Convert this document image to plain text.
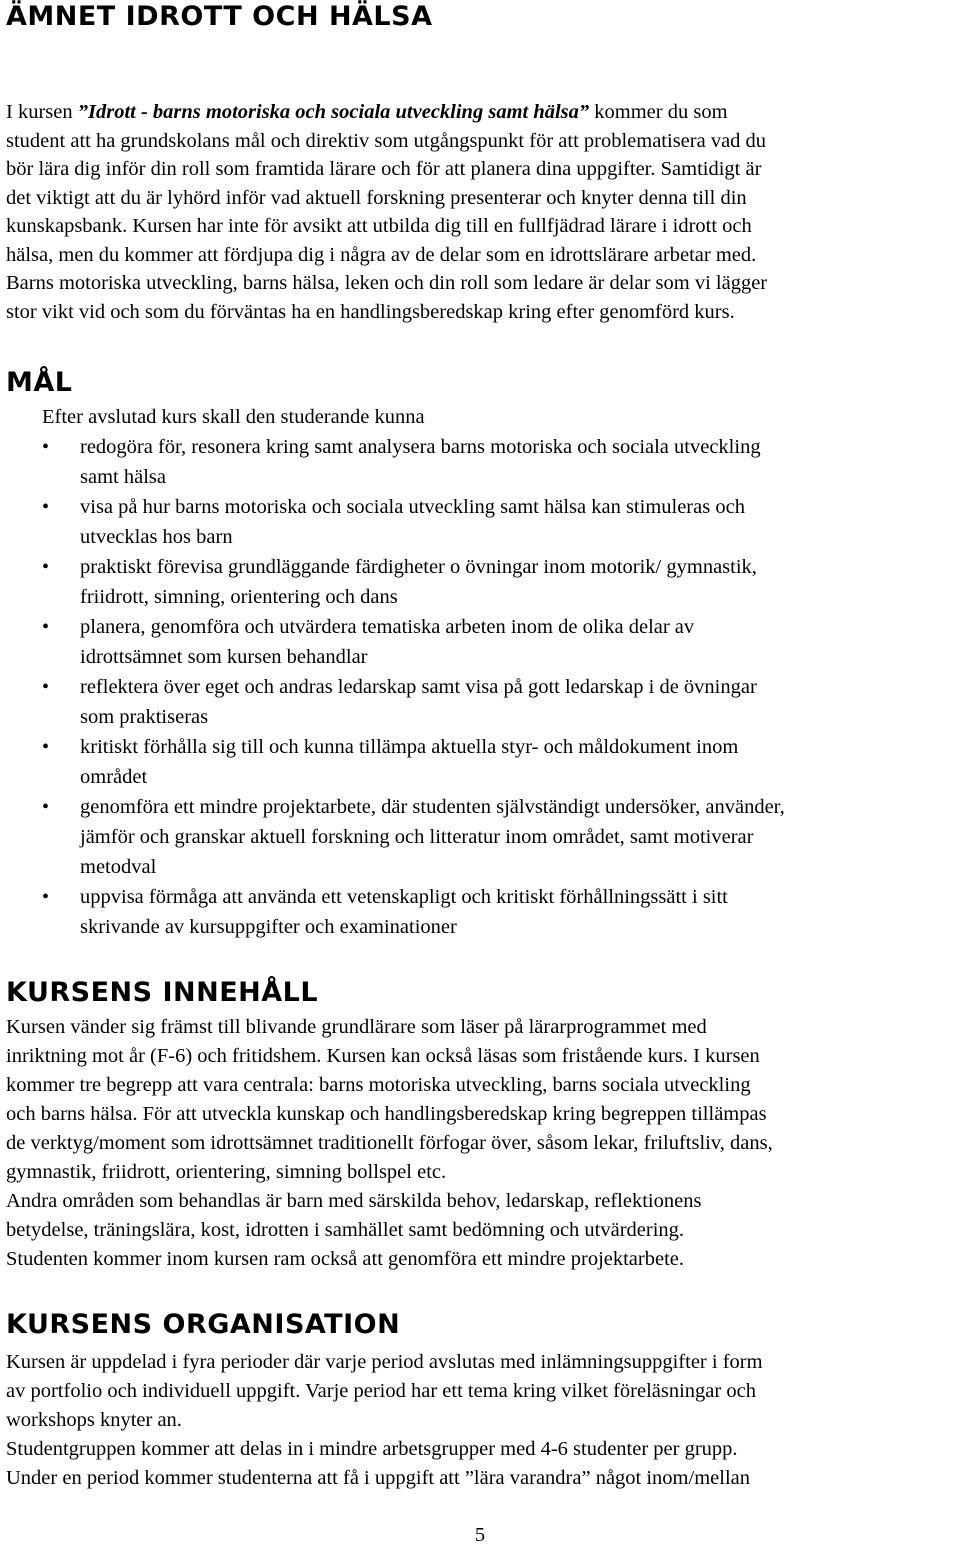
ÄMNET IDROTT OCH HÄLSA

I kursen ”Idrott - barns motoriska och sociala utveckling samt hälsa” kommer du som
student att ha grundskolans mål och direktiv som utgångspunkt för att problematisera vad du
bör lära dig inför din roll som framtida lärare och för att planera dina uppgifter. Samtidigt är
det viktigt att du är lyhörd inför vad aktuell forskning presenterar och knyter denna till din
kunskapsbank. Kursen har inte för avsikt att utbilda dig till en fullfjädrad lärare i idrott och
hälsa, men du kommer att fördjupa dig i några av de delar som en idrottslärare arbetar med.
Barns motoriska utveckling, barns hälsa, leken och din roll som ledare är delar som vi lägger
stor vikt vid och som du förväntas ha en handlingsberedskap kring efter genomförd kurs.

MÅL
Efter avslutad kurs skall den studerande kunna
• redogöra för, resonera kring samt analysera barns motoriska och sociala utveckling
samt hälsa
• visa på hur barns motoriska och sociala utveckling samt hälsa kan stimuleras och
utvecklas hos barn
• praktiskt förevisa grundläggande färdigheter o övningar inom motorik/ gymnastik,
friidrott, simning, orientering och dans
• planera, genomföra och utvärdera tematiska arbeten inom de olika delar av
idrottsämnet som kursen behandlar
• reflektera över eget och andras ledarskap samt visa på gott ledarskap i de övningar
som praktiseras
• kritiskt förhålla sig till och kunna tillämpa aktuella styr- och måldokument inom
området
• genomföra ett mindre projektarbete, där studenten självständigt undersöker, använder,
jämför och granskar aktuell forskning och litteratur inom området, samt motiverar
metodval
• uppvisa förmåga att använda ett vetenskapligt och kritiskt förhållningssätt i sitt
skrivande av kursuppgifter och examinationer
KURSENS INNEHÅLL

Kursen vänder sig främst till blivande grundlärare som läser på lärarprogrammet med
inriktning mot år (F-6) och fritidshem. Kursen kan också läsas som fristående kurs. I kursen
kommer tre begrepp att vara centrala: barns motoriska utveckling, barns sociala utveckling
och barns hälsa. För att utveckla kunskap och handlingsberedskap kring begreppen tillämpas
de verktyg/moment som idrottsämnet traditionellt förfogar över, såsom lekar, friluftsliv, dans,
gymnastik, friidrott, orientering, simning bollspel etc.
Andra områden som behandlas är barn med särskilda behov, ledarskap, reflektionens
betydelse, träningslära, kost, idrotten i samhället samt bedömning och utvärdering.
Studenten kommer inom kursen ram också att genomföra ett mindre projektarbete.

KURSENS ORGANISATION

Kursen är uppdelad i fyra perioder där varje period avslutas med inlämningsuppgifter i form
av portfolio och individuell uppgift. Varje period har ett tema kring vilket föreläsningar och
workshops knyter an.
Studentgruppen kommer att delas in i mindre arbetsgrupper med 4-6 studenter per grupp.
Under en period kommer studenterna att få i uppgift att ”lära varandra” något inom/mellan

5
